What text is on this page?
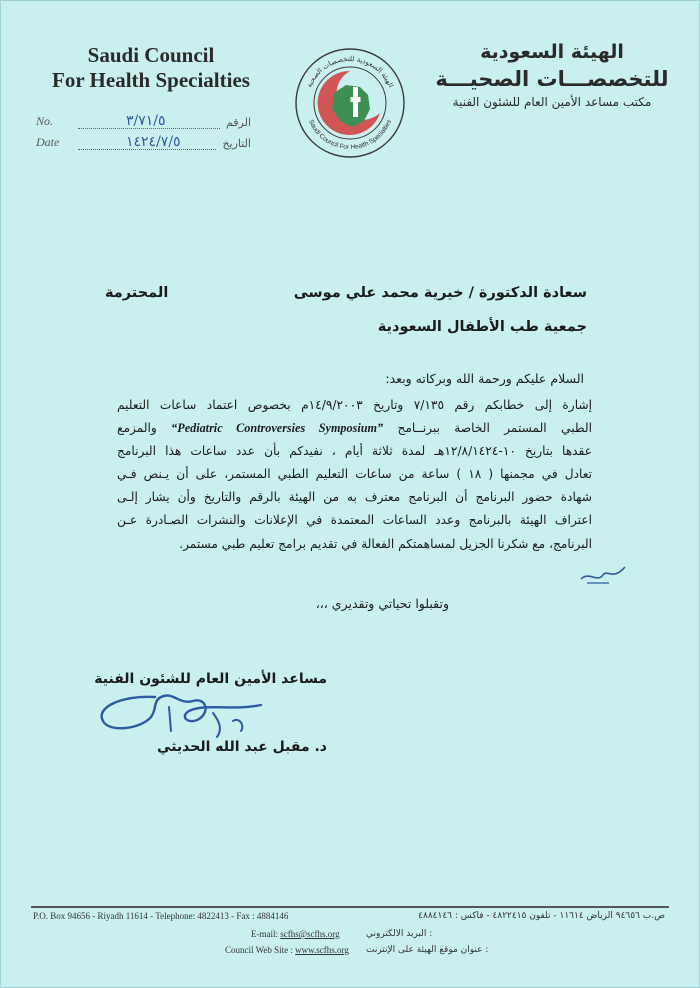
Saudi Council
For Health Specialties
الهيئة السعودية
للتخصصـــات الصحيـــة
مكتب مساعد الأمين العام للشئون الفنية
الهيئة السعودية للتخصصات الصحية
Saudi Council For Health Specialties
No.	٣/٧١/٥	الرقم
Date	١٤٢٤/٧/٥	التاريخ
سعادة الدكتورة / خيرية محمد علي موسى
المحترمة
جمعية طب الأطفال السعودية
السلام عليكم ورحمة الله وبركاته وبعد:
إشارة إلى خطابكم رقم ٧/١٣٥ وتاريخ ١٤/٩/٢٠٠٣م بخصوص اعتماد ساعات التعليم
الطبي المستمر الخاصة ببرنــامج “Pediatric Controversies Symposium” والمزمع
عقدها بتاريخ ١٠-١٢/٨/١٤٢٤هـ لمدة ثلاثة أيام ، نفيدكم بأن عدد ساعات هذا البرنامج
تعادل في مجمنها ( ١٨ ) ساعة من ساعات التعليم الطبي المستمر، على أن يـنص فـي
شهادة حضور البرنامج أن البرنامج معترف به من الهيئة بالرقم والتاريخ وأن يشار إلـى
اعتراف الهيئة بالبرنامج وعدد الساعات المعتمدة في الإعلانات والنشرات الصـادرة عـن
البرنامج، مع شكرنا الجزيل لمساهمتكم الفعالة في تقديم برامج تعليم طبي مستمر.
وتقبلوا تحياتي وتقديري ،،،
مساعد الأمين العام للشئون الفنية
د. مقبل عبد الله الحديثي
P.O. Box 94656 - Riyadh 11614 - Telephone: 4822413 - Fax : 4884146	ص.ب ٩٤٦٥٦ الرياض ١١٦١٤ - تلفون ٤٨٢٢٤١٥ - فاكس : ٤٨٨٤١٤٦
E-mail: scfhs@scfhs.org	: البريد الالكتروني
Council Web Site : www.scfhs.org : عنوان موقع الهيئة على الإنترنت
